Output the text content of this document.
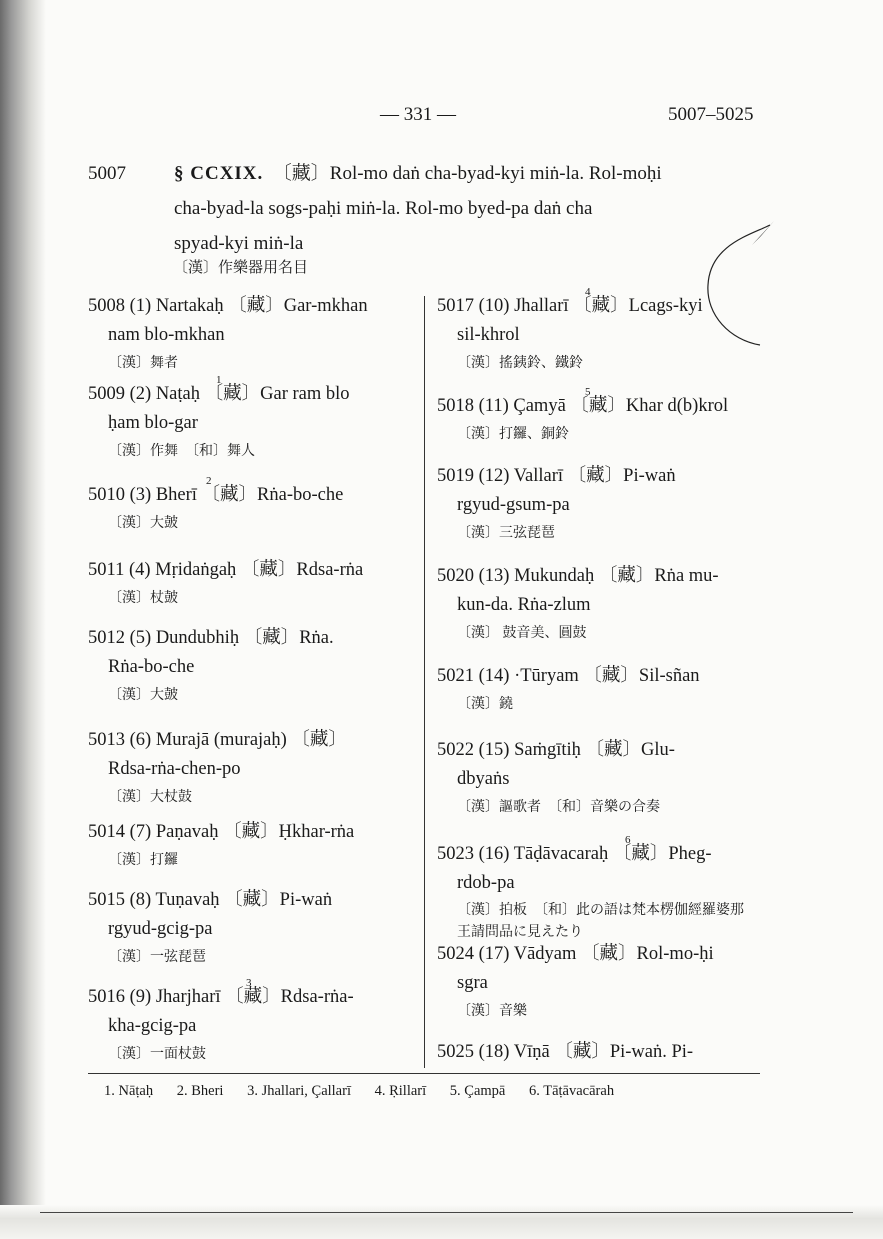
— 331 —	5007–5025
5007	§ CCXIX. 〔藏〕Rol-mo daṅ cha-byad-kyi miṅ-la. Rol-moḥi
cha-byad-la sogs-paḥi miṅ-la. Rol-mo byed-pa daṅ cha
spyad-kyi miṅ-la
〔漢〕作樂器用名目
5008 (1) Nartakaḥ 〔藏〕Gar-mkhan
nam blo-mkhan
〔漢〕舞者
5009 (2) Naṭaḥ 〔藏〕Gar ram blo
ḥam blo-gar
〔漢〕作舞　〔和〕舞人
1
5010 (3) Bherī 〔藏〕Rṅa-bo-che
〔漢〕大皷
2
5011 (4) Mṛidaṅgaḥ 〔藏〕Rdsa-rṅa
〔漢〕杖皷
5012 (5) Dundubhiḥ 〔藏〕Rṅa.
Rṅa-bo-che
〔漢〕大皷
5013 (6) Murajā (murajaḥ) 〔藏〕
Rdsa-rṅa-chen-po
〔漢〕大杖鼓
5014 (7) Paṇavaḥ 〔藏〕Ḥkhar-rṅa
〔漢〕打鑼
5015 (8) Tuṇavaḥ 〔藏〕Pi-waṅ
rgyud-gcig-pa
〔漢〕一弦琵琶
5016 (9) Jharjharī 〔藏〕Rdsa-rṅa-
kha-gcig-pa
〔漢〕一面杖鼓
3
5017 (10) Jhallarī 〔藏〕Lcags-kyi
sil-khrol
〔漢〕搖銕鈴、鐵鈴
4
5018 (11) Çamyā 〔藏〕Khar d(b)krol
〔漢〕打鑼、銅鈴
5
5019 (12) Vallarī 〔藏〕Pi-waṅ
rgyud-gsum-pa
〔漢〕三弦琵琶
5020 (13) Mukundaḥ 〔藏〕Rṅa mu-
kun-da. Rṅa-zlum
〔漢〕 鼓音美、圓鼓
5021 (14) ·Tūryam 〔藏〕Sil-sñan
〔漢〕鐃
5022 (15) Saṁgītiḥ 〔藏〕Glu-
dbyaṅs
〔漢〕謳歌者　〔和〕音樂の合奏
5023 (16) Tāḍāvacaraḥ 〔藏〕Pheg-
rdob-pa
〔漢〕拍板　〔和〕此の語は梵本楞伽經羅婆那王請問品に見えたり
6
5024 (17) Vādyam 〔藏〕Rol-mo-ḥi
sgra
〔漢〕音樂
5025 (18) Vīṇā 〔藏〕Pi-waṅ. Pi-
1. Nāṭaḥ 2. Bheri 3. Jhallari, Çallarī 4. Ṛillarī 5. Çampā 6. Tāṭāvacārah
